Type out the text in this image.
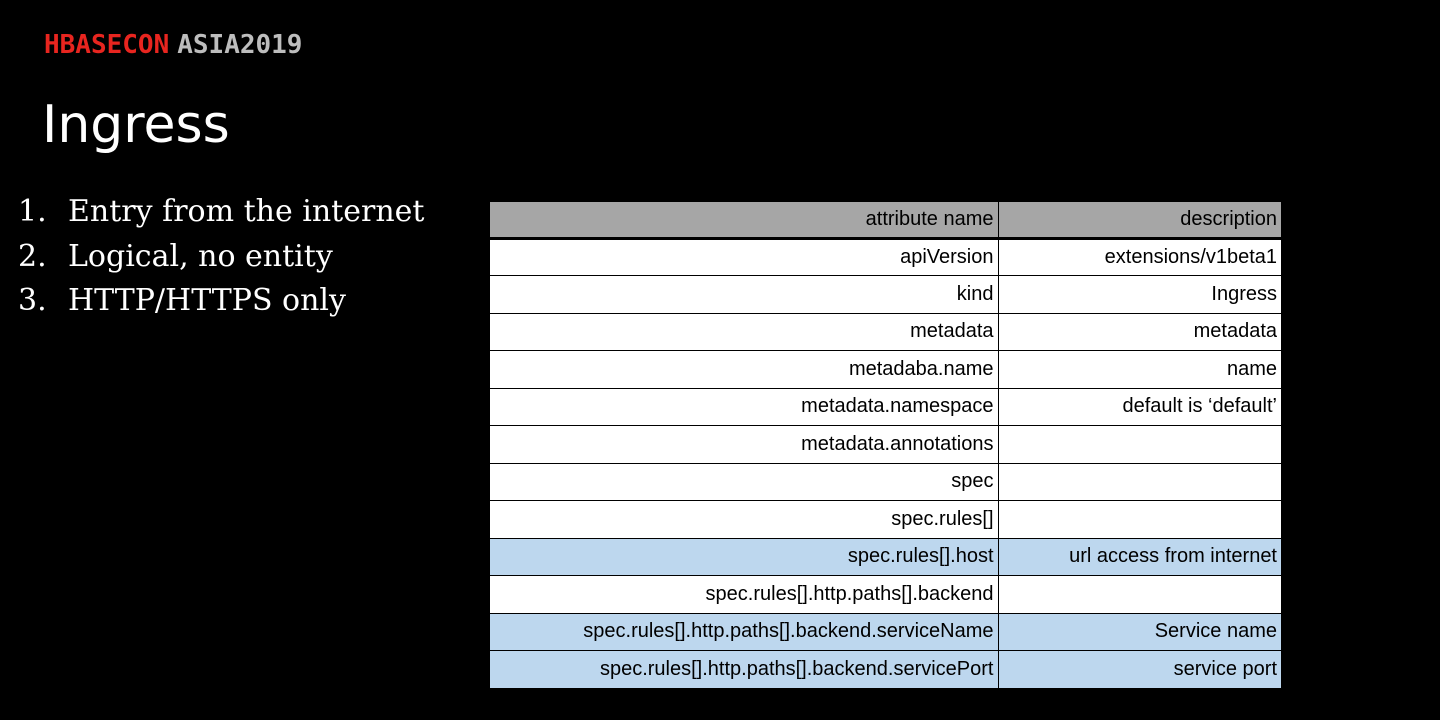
HBASECON ASIA2019
Ingress
1. Entry from the internet
2. Logical, no entity
3. HTTP/HTTPS only
attribute name	description
apiVersion	extensions/v1beta1
kind	Ingress
metadata	metadata
metadaba.name	name
metadata.namespace	default is ‘default’
metadata.annotations	
spec	
spec.rules[]	
spec.rules[].host	url access from internet
spec.rules[].http.paths[].backend	
spec.rules[].http.paths[].backend.serviceName	Service name
spec.rules[].http.paths[].backend.servicePort	service port
